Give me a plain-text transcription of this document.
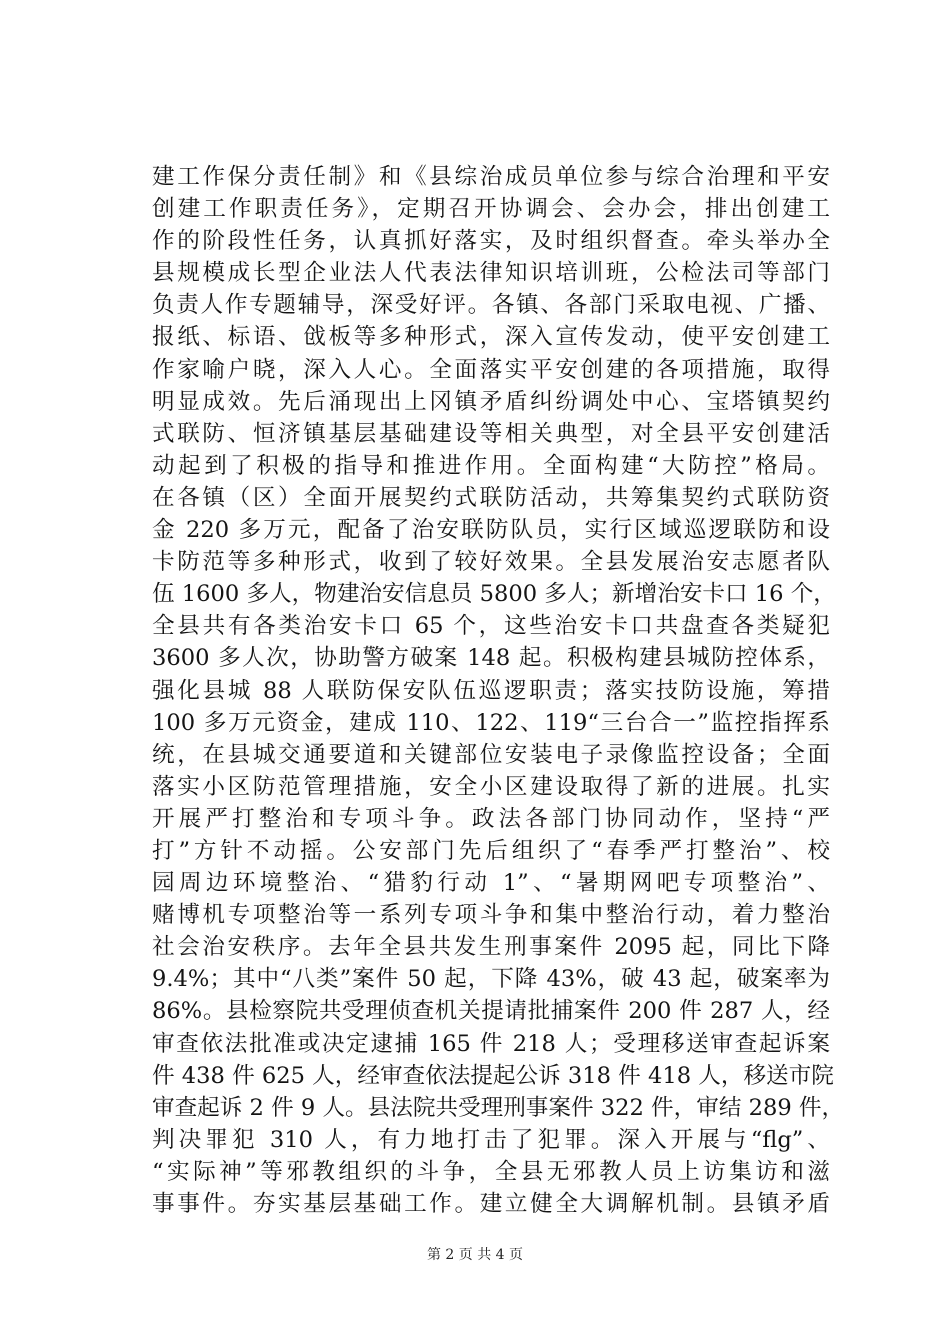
建工作保分责任制》和《县综治成员单位参与综合治理和平安
创建工作职责任务》，定期召开协调会、会办会，排出创建工
作的阶段性任务，认真抓好落实，及时组织督查。牵头举办全
县规模成长型企业法人代表法律知识培训班，公检法司等部门
负责人作专题辅导，深受好评。各镇、各部门采取电视、广播、
报纸、标语、戗板等多种形式，深入宣传发动，使平安创建工
作家喻户晓，深入人心。全面落实平安创建的各项措施，取得
明显成效。先后涌现出上冈镇矛盾纠纷调处中心、宝塔镇契约
式联防、恒济镇基层基础建设等相关典型，对全县平安创建活
动起到了积极的指导和推进作用。全面构建“大防控”格局。
在各镇（区）全面开展契约式联防活动，共筹集契约式联防资
金 220 多万元，配备了治安联防队员，实行区域巡逻联防和设
卡防范等多种形式，收到了较好效果。全县发展治安志愿者队
伍 1600 多人，物建治安信息员 5800 多人；新增治安卡口 16 个，
全县共有各类治安卡口 65 个，这些治安卡口共盘查各类疑犯
3600 多人次，协助警方破案 148 起。积极构建县城防控体系，
强化县城 88 人联防保安队伍巡逻职责；落实技防设施，筹措
100 多万元资金，建成 110、122、119“三台合一”监控指挥系
统，在县城交通要道和关键部位安装电子录像监控设备；全面
落实小区防范管理措施，安全小区建设取得了新的进展。扎实
开展严打整治和专项斗争。政法各部门协同动作，坚持“严
打”方针不动摇。公安部门先后组织了“春季严打整治”、校
园周边环境整治、“猎豹行动 1”、“暑期网吧专项整治”、
赌博机专项整治等一系列专项斗争和集中整治行动，着力整治
社会治安秩序。去年全县共发生刑事案件 2095 起，同比下降
9.4%；其中“八类”案件 50 起，下降 43%，破 43 起，破案率为
86%。县检察院共受理侦查机关提请批捕案件 200 件 287 人，经
审查依法批准或决定逮捕 165 件 218 人；受理移送审查起诉案
件 438 件 625 人，经审查依法提起公诉 318 件 418 人，移送市院
审查起诉 2 件 9 人。县法院共受理刑事案件 322 件，审结 289 件，
判决罪犯 310 人，有力地打击了犯罪。深入开展与“flg”、
“实际神”等邪教组织的斗争，全县无邪教人员上访集访和滋
事事件。夯实基层基础工作。建立健全大调解机制。县镇矛盾
第 2 页 共 4 页
